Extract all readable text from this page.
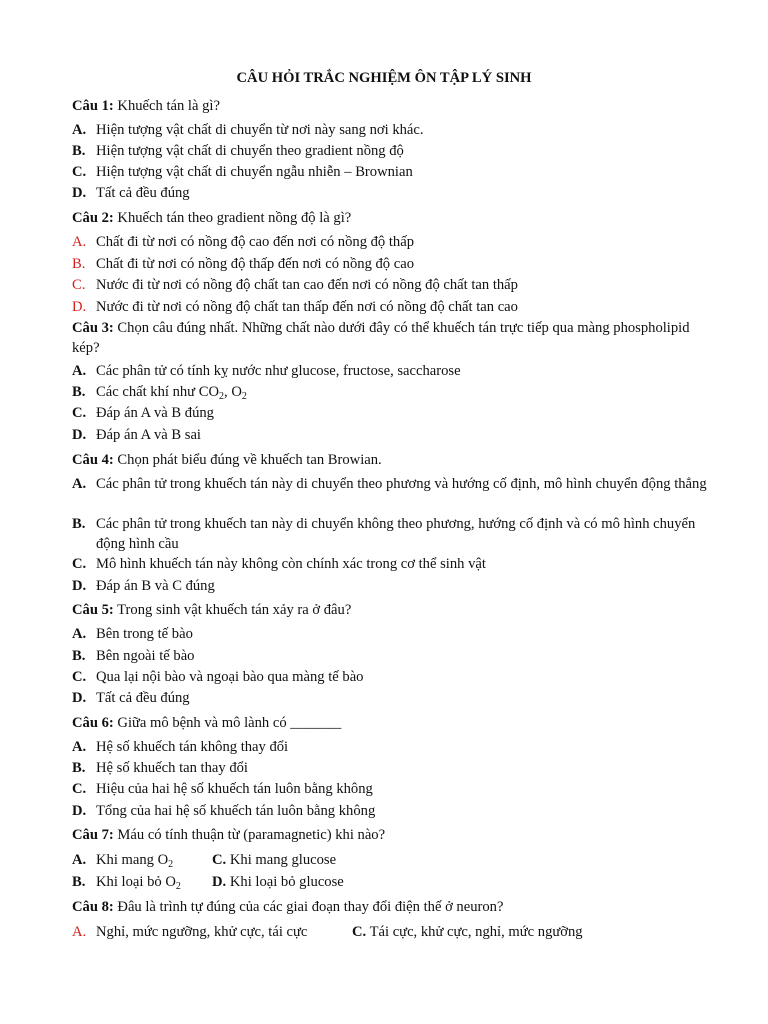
CÂU HỎI TRẮC NGHIỆM ÔN TẬP LÝ SINH
Câu 1: Khuếch tán là gì?
A. Hiện tượng vật chất di chuyển từ nơi này sang nơi khác.
B. Hiện tượng vật chất di chuyển theo gradient nồng độ
C. Hiện tượng vật chất di chuyển ngẫu nhiễn – Brownian
D. Tất cả đều đúng
Câu 2: Khuếch tán theo gradient nồng độ là gì?
A. Chất đi từ nơi có nồng độ cao đến nơi có nồng độ thấp
B. Chất đi từ nơi có nồng độ thấp đến nơi có nồng độ cao
C. Nước đi từ nơi có nồng độ chất tan cao đến nơi có nồng độ chất tan thấp
D. Nước đi từ nơi có nồng độ chất tan thấp đến nơi có nồng độ chất tan cao
Câu 3: Chọn câu đúng nhất. Những chất nào dưới đây có thể khuếch tán trực tiếp qua màng phospholipid kép?
A. Các phân tử có tính kỵ nước như glucose, fructose, saccharose
B. Các chất khí như $CO_2$, $O_2$
C. Đáp án A và B đúng
D. Đáp án A và B sai
Câu 4: Chọn phát biểu đúng về khuếch tan Browian.
A. Các phân tử trong khuếch tán này di chuyển theo phương và hướng cố định, mô hình chuyển động thẳng
B. Các phân tử trong khuếch tan này di chuyển không theo phương, hướng cố định và có mô hình chuyển động hình cầu
C. Mô hình khuếch tán này không còn chính xác trong cơ thể sinh vật
D. Đáp án B và C đúng
Câu 5: Trong sinh vật khuếch tán xảy ra ở đâu?
A. Bên trong tế bào
B. Bên ngoài tế bào
C. Qua lại nội bào và ngoại bào qua màng tế bào
D. Tất cả đều đúng
Câu 6: Giữa mô bệnh và mô lành có _______
A. Hệ số khuếch tán không thay đổi
B. Hệ số khuếch tan thay đổi
C. Hiệu của hai hệ số khuếch tán luôn bằng không
D. Tổng của hai hệ số khuếch tán luôn bằng không
Câu 7: Máu có tính thuận từ (paramagnetic) khi nào?
A. Khi mang $O_2$	C. Khi mang glucose
B. Khi loại bỏ $O_2$	D. Khi loại bỏ glucose
Câu 8: Đâu là trình tự đúng của các giai đoạn thay đổi điện thế ở neuron?
A. Nghỉ, mức ngưỡng, khử cực, tái cực	C. Tái cực, khử cực, nghỉ, mức ngưỡng
